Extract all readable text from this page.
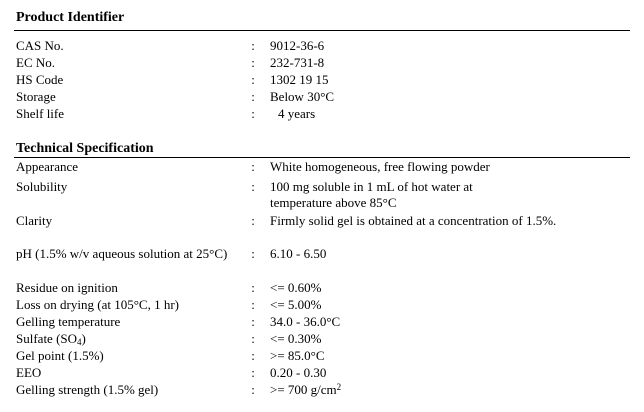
Product Identifier
CAS No.	: 9012-36-6
EC No.	: 232-731-8
HS Code	: 1302 19 15
Storage	: Below 30°C
Shelf life	: 4 years
Technical Specification
Appearance	: White homogeneous, free flowing powder
Solubility	: 100 mg soluble in 1 mL of hot water at temperature above 85°C
Clarity	: Firmly solid gel is obtained at a concentration of 1.5%.
pH (1.5% w/v aqueous solution at 25°C) : 6.10 - 6.50
Residue on ignition	: <= 0.60%
Loss on drying (at 105°C, 1 hr)	: <= 5.00%
Gelling temperature	: 34.0 - 36.0°C
Sulfate $(SO_4)$	: <= 0.30%
Gel point (1.5%)	: >= 85.0°C
EEO	: 0.20 - 0.30
Gelling strength (1.5% gel)	: >= 700 $g/cm^2$
